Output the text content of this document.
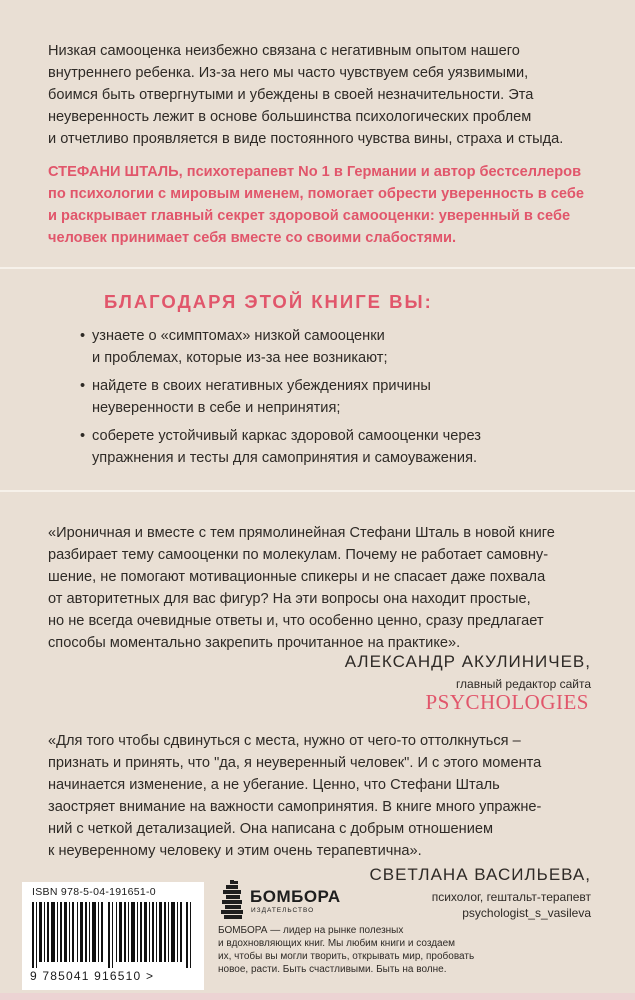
Низкая самооценка неизбежно связана с негативным опытом нашего
внутреннего ребенка. Из-за него мы часто чувствуем себя уязвимыми,
боимся быть отвергнутыми и убеждены в своей незначительности. Эта
неуверенность лежит в основе большинства психологических проблем
и отчетливо проявляется в виде постоянного чувства вины, страха и стыда.
СТЕФАНИ ШТАЛЬ, психотерапевт No 1 в Германии и автор бестселлеров
по психологии с мировым именем, помогает обрести уверенность в себе
и раскрывает главный секрет здоровой самооценки: уверенный в себе
человек принимает себя вместе со своими слабостями.
БЛАГОДАРЯ ЭТОЙ КНИГЕ ВЫ:
• узнаете о «симптомах» низкой самооценки
и проблемах, которые из-за нее возникают;
• найдете в своих негативных убеждениях причины
неуверенности в себе и непринятия;
• соберете устойчивый каркас здоровой самооценки через
упражнения и тесты для самопринятия и самоуважения.
«Ироничная и вместе с тем прямолинейная Стефани Шталь в новой книге
разбирает тему самооценки по молекулам. Почему не работает самовну-
шение, не помогают мотивационные спикеры и не спасает даже похвала
от авторитетных для вас фигур? На эти вопросы она находит простые,
но не всегда очевидные ответы и, что особенно ценно, сразу предлагает
способы моментально закрепить прочитанное на практике».
АЛЕКСАНДР АКУЛИНИЧЕВ,
главный редактор сайта
PSYCHOLOGIES
«Для того чтобы сдвинуться с места, нужно от чего-то оттолкнуться –
признать и принять, что "да, я неуверенный человек". И с этого момента
начинается изменение, а не убегание. Ценно, что Стефани Шталь
заостряет внимание на важности самопринятия. В книге много упражне-
ний с четкой детализацией. Она написана с добрым отношением
к неуверенному человеку и этим очень терапевтична».
СВЕТЛАНА ВАСИЛЬЕВА,
психолог, гештальт-терапевт
psychologist_s_vasileva
ISBN 978-5-04-191651-0
9 785041 916510 >
БОМБОРА
ИЗДАТЕЛЬСТВО
БОМБОРА — лидер на рынке полезных
и вдохновляющих книг. Мы любим книги и создаем
их, чтобы вы могли творить, открывать мир, пробовать
новое, расти. Быть счастливыми. Быть на волне.
